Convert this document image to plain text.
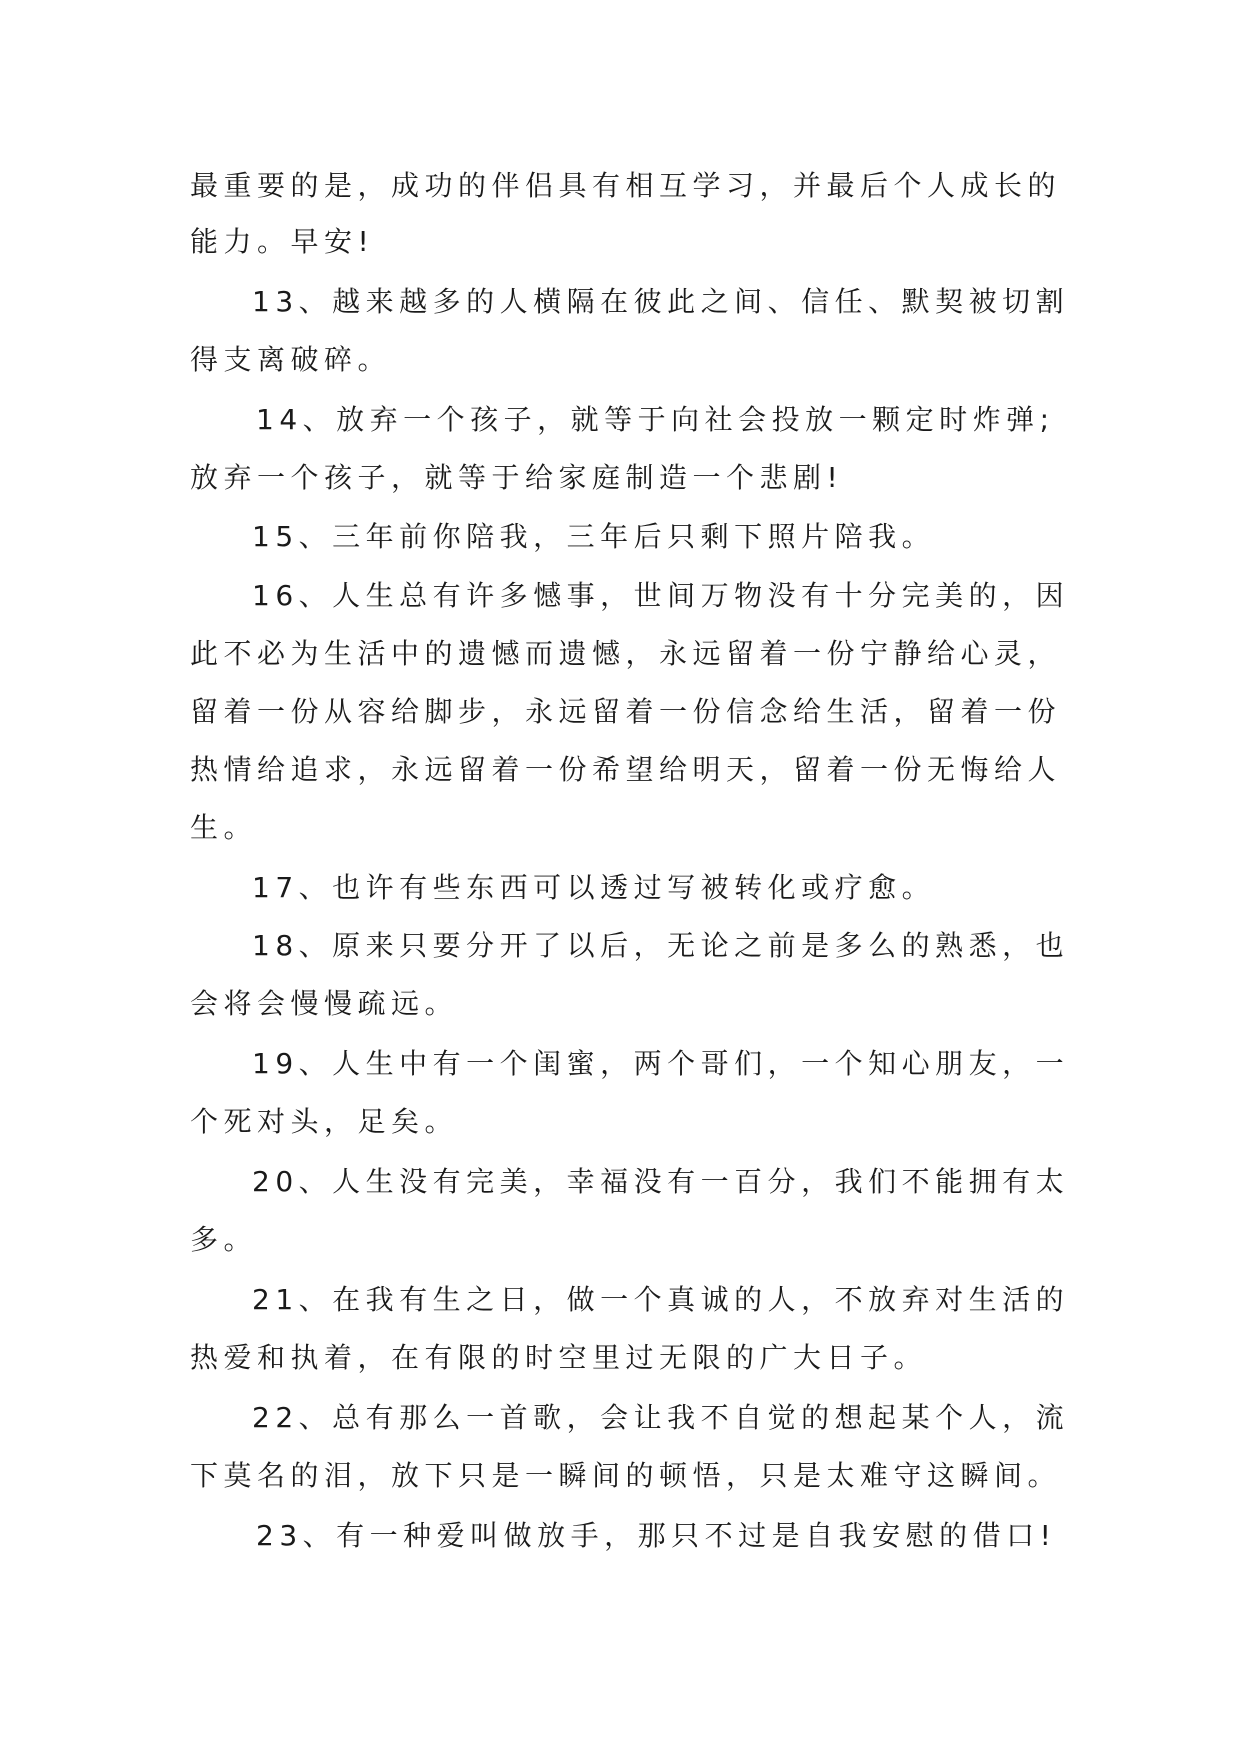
最重要的是，成功的伴侣具有相互学习，并最后个人成长的
能力。早安!
13、越来越多的人横隔在彼此之间、信任、默契被切割
得支离破碎。
14、放弃一个孩子，就等于向社会投放一颗定时炸弹;
放弃一个孩子，就等于给家庭制造一个悲剧!
15、三年前你陪我，三年后只剩下照片陪我。
16、人生总有许多憾事，世间万物没有十分完美的，因
此不必为生活中的遗憾而遗憾，永远留着一份宁静给心灵，
留着一份从容给脚步，永远留着一份信念给生活，留着一份
热情给追求，永远留着一份希望给明天，留着一份无悔给人
生。
17、也许有些东西可以透过写被转化或疗愈。
18、原来只要分开了以后，无论之前是多么的熟悉，也
会将会慢慢疏远。
19、人生中有一个闺蜜，两个哥们，一个知心朋友，一
个死对头，足矣。
20、人生没有完美，幸福没有一百分，我们不能拥有太
多。
21、在我有生之日，做一个真诚的人，不放弃对生活的
热爱和执着，在有限的时空里过无限的广大日子。
22、总有那么一首歌，会让我不自觉的想起某个人，流
下莫名的泪，放下只是一瞬间的顿悟，只是太难守这瞬间。
23、有一种爱叫做放手，那只不过是自我安慰的借口!
